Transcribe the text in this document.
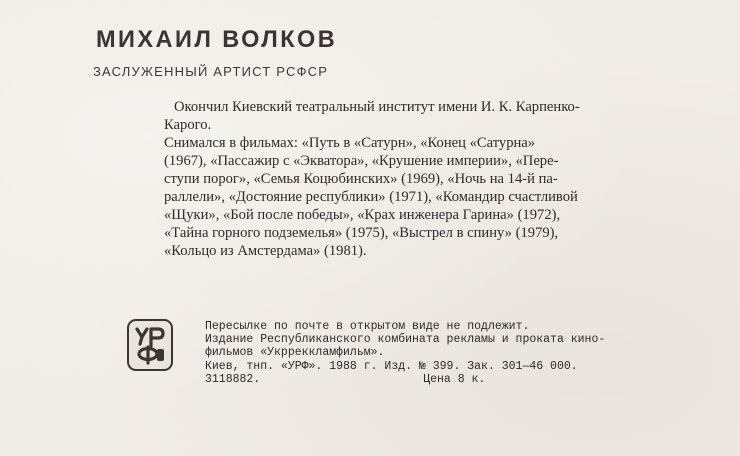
МИХАИЛ ВОЛКОВ
ЗАСЛУЖЕННЫЙ АРТИСТ РСФСР
Окончил Киевский театральный институт имени И. К. Карпенко-
Карого.
Снимался в фильмах: «Путь в «Сатурн», «Конец «Сатурна»
(1967), «Пассажир с «Экватора», «Крушение империи», «Пере-
ступи порог», «Семья Коцюбинских» (1969), «Ночь на 14-й па-
раллели», «Достояние республики» (1971), «Командир счастливой
«Щуки», «Бой после победы», «Крах инженера Гарина» (1972),
«Тайна горного подземелья» (1975), «Выстрел в спину» (1979),
«Кольцо из Амстердама» (1981).
Пересылке по почте в открытом виде не подлежит.
Издание Республиканского комбината рекламы и проката кино-
фильмов «Укрреккламфильм».
Киев, тнп. «УРФ». 1988 г. Изд. № 399. Зак. 301—46 000.
3118882.	Цена 8 к.
